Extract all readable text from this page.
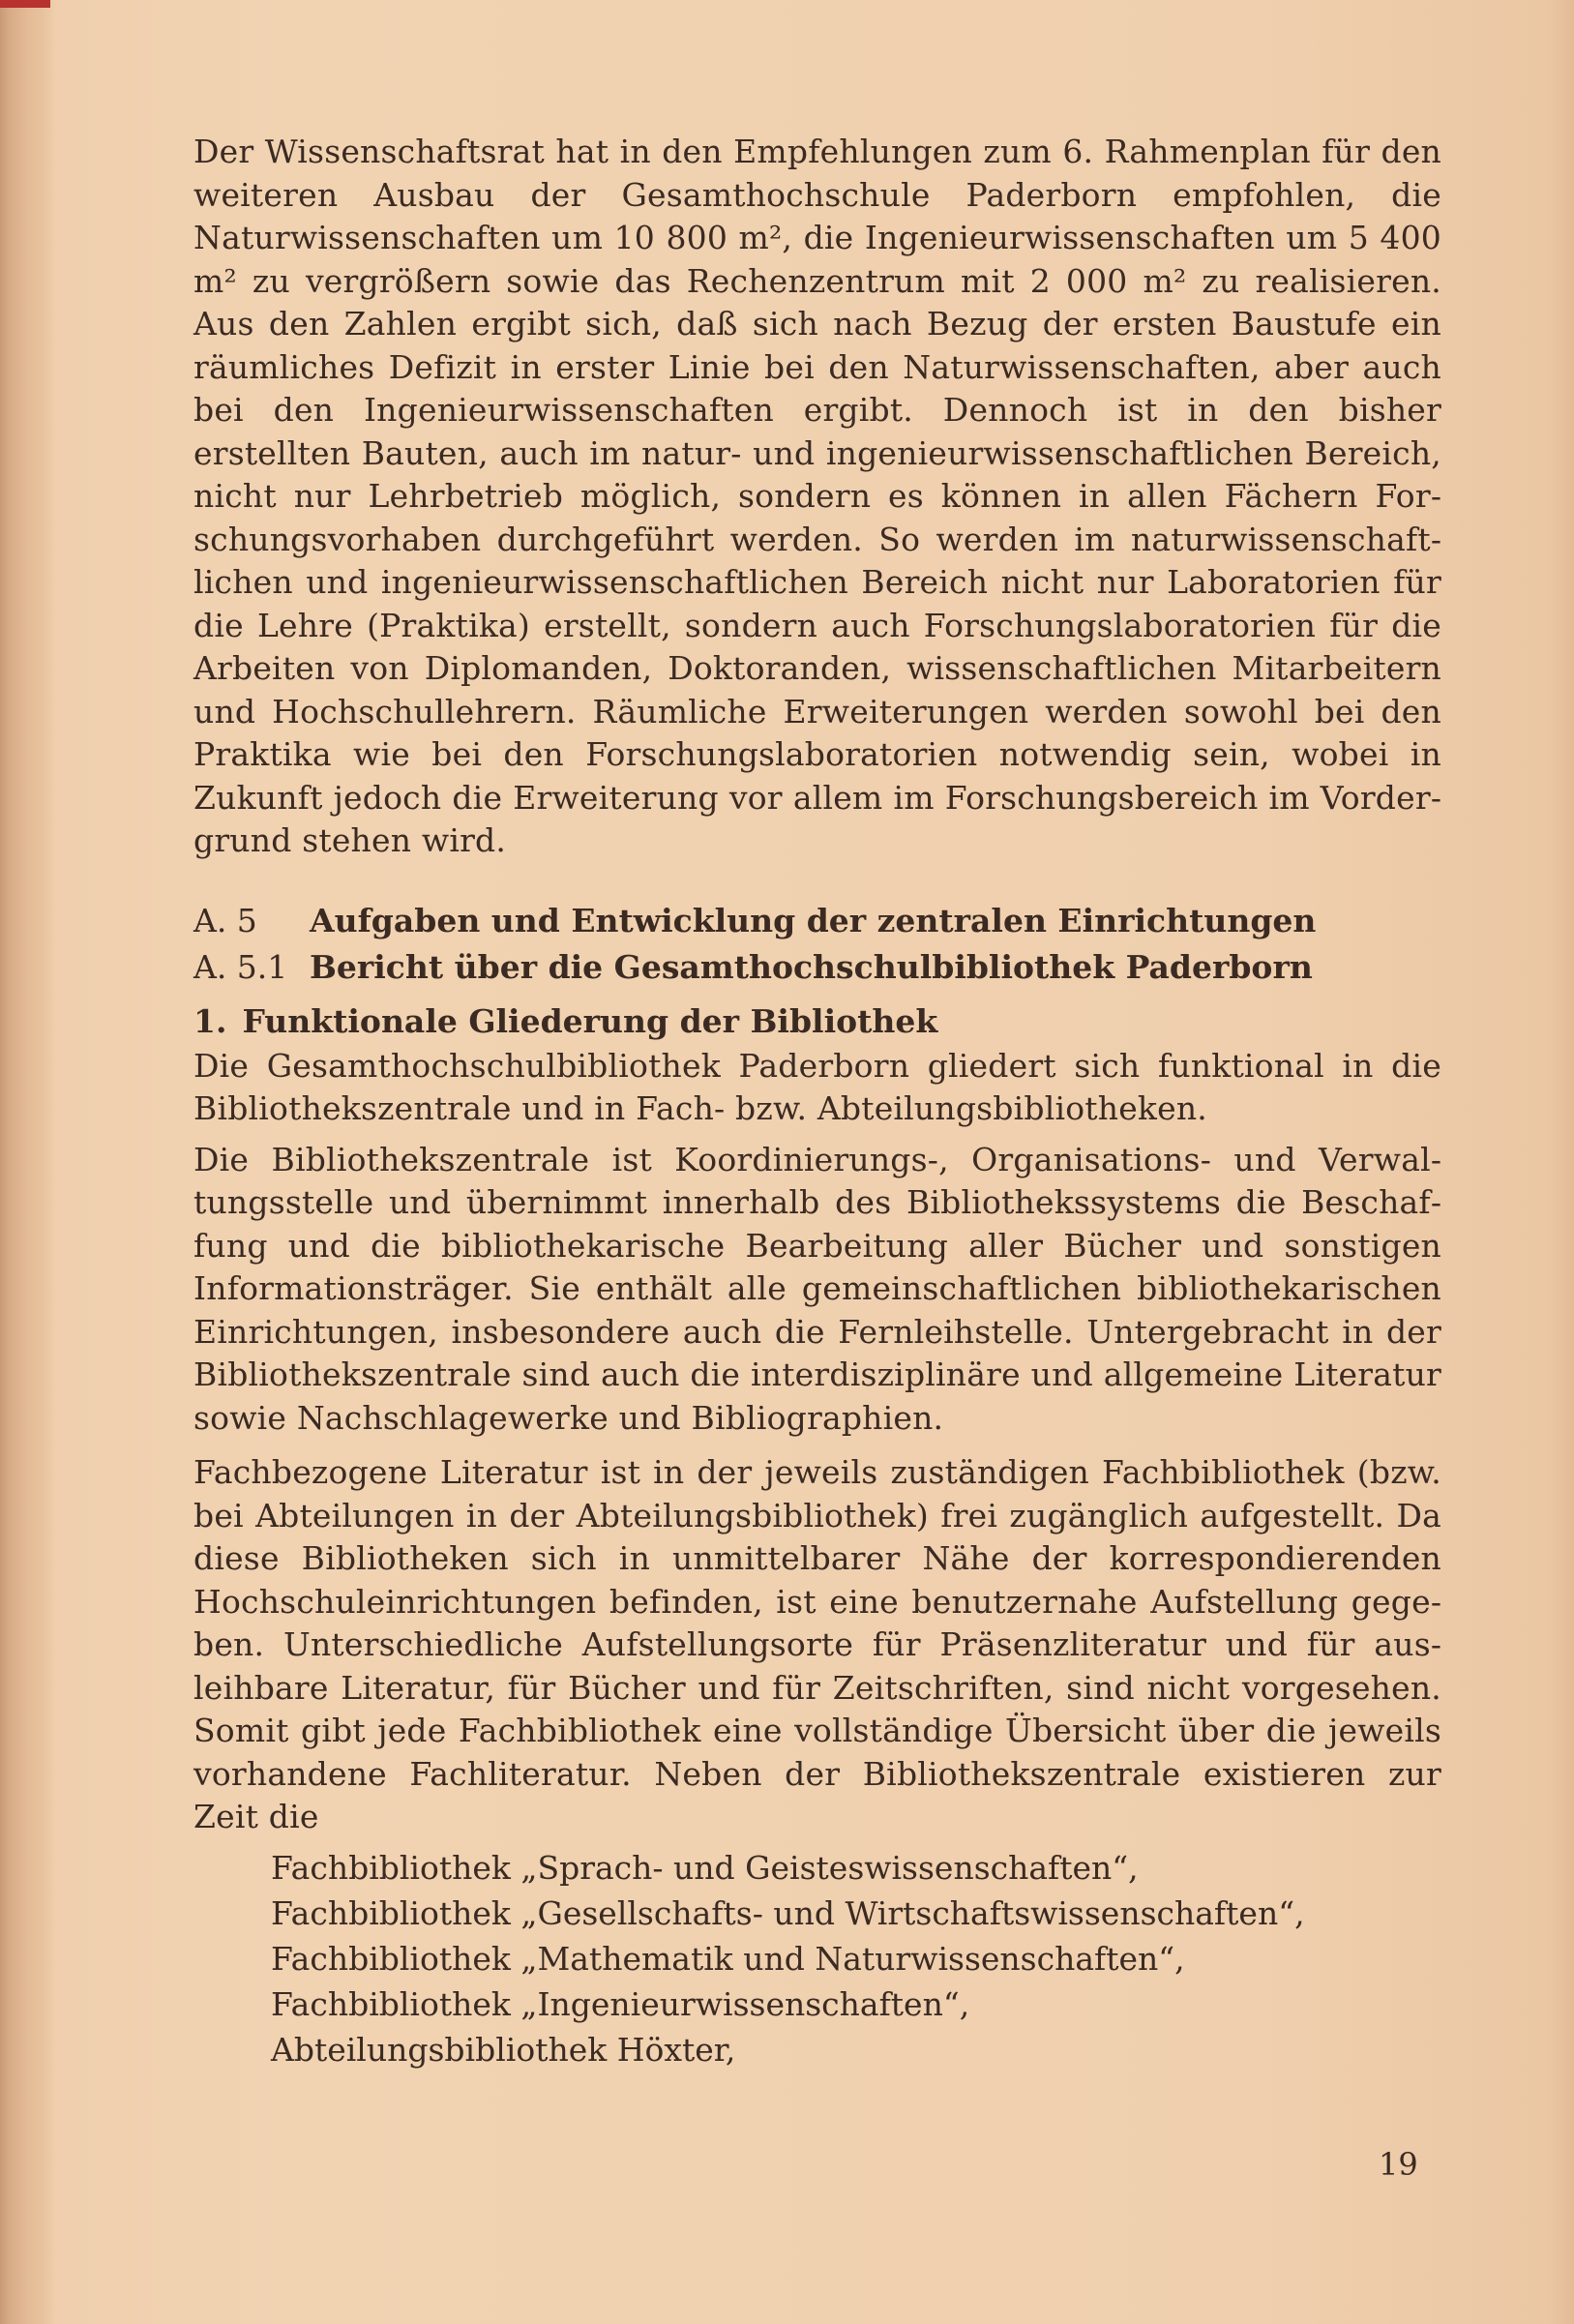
Der Wissenschaftsrat hat in den Empfehlungen zum 6. Rahmenplan für den weiteren Ausbau der Gesamthochschule Paderborn empfohlen, die Naturwissenschaften um 10 800 m², die Ingenieurwissenschaften um 5 400 m² zu vergrößern sowie das Rechenzentrum mit 2 000 m² zu realisieren. Aus den Zahlen ergibt sich, daß sich nach Bezug der ersten Baustufe ein räumliches Defizit in erster Linie bei den Naturwissenschaften, aber auch bei den Ingenieurwissenschaften ergibt. Dennoch ist in den bisher erstellten Bauten, auch im natur- und ingenieurwissenschaftlichen Bereich, nicht nur Lehrbetrieb möglich, sondern es können in allen Fächern Forschungsvorhaben durchgeführt werden. So werden im naturwissenschaftlichen und ingenieurwissenschaftlichen Bereich nicht nur Laboratorien für die Lehre (Praktika) erstellt, sondern auch Forschungslaboratorien für die Arbeiten von Diplomanden, Doktoranden, wissenschaftlichen Mitarbeitern und Hochschullehrern. Räumliche Erweiterungen werden sowohl bei den Praktika wie bei den Forschungslaboratorien notwendig sein, wobei in Zukunft jedoch die Erweiterung vor allem im Forschungsbereich im Vordergrund stehen wird.

A. 5	Aufgaben und Entwicklung der zentralen Einrichtungen
A. 5.1 Bericht über die Gesamthochschulbibliothek Paderborn
1. Funktionale Gliederung der Bibliothek

Die Gesamthochschulbibliothek Paderborn gliedert sich funktional in die Bibliothekszentrale und in Fach- bzw. Abteilungsbibliotheken.

Die Bibliothekszentrale ist Koordinierungs-, Organisations- und Verwaltungsstelle und übernimmt innerhalb des Bibliothekssystems die Beschaffung und die bibliothekarische Bearbeitung aller Bücher und sonstigen Informationsträger. Sie enthält alle gemeinschaftlichen bibliothekarischen Einrichtungen, insbesondere auch die Fernleihstelle. Untergebracht in der Bibliothekszentrale sind auch die interdisziplinäre und allgemeine Literatur sowie Nachschlagewerke und Bibliographien.

Fachbezogene Literatur ist in der jeweils zuständigen Fachbibliothek (bzw. bei Abteilungen in der Abteilungsbibliothek) frei zugänglich aufgestellt. Da diese Bibliotheken sich in unmittelbarer Nähe der korrespondierenden Hochschuleinrichtungen befinden, ist eine benutzernahe Aufstellung gegeben. Unterschiedliche Aufstellungsorte für Präsenzliteratur und für ausleihbare Literatur, für Bücher und für Zeitschriften, sind nicht vorgesehen. Somit gibt jede Fachbibliothek eine vollständige Übersicht über die jeweils vorhandene Fachliteratur. Neben der Bibliothekszentrale existieren zur Zeit die

Fachbibliothek „Sprach- und Geisteswissenschaften“,
Fachbibliothek „Gesellschafts- und Wirtschaftswissenschaften“,
Fachbibliothek „Mathematik und Naturwissenschaften“,
Fachbibliothek „Ingenieurwissenschaften“,
Abteilungsbibliothek Höxter,
19
